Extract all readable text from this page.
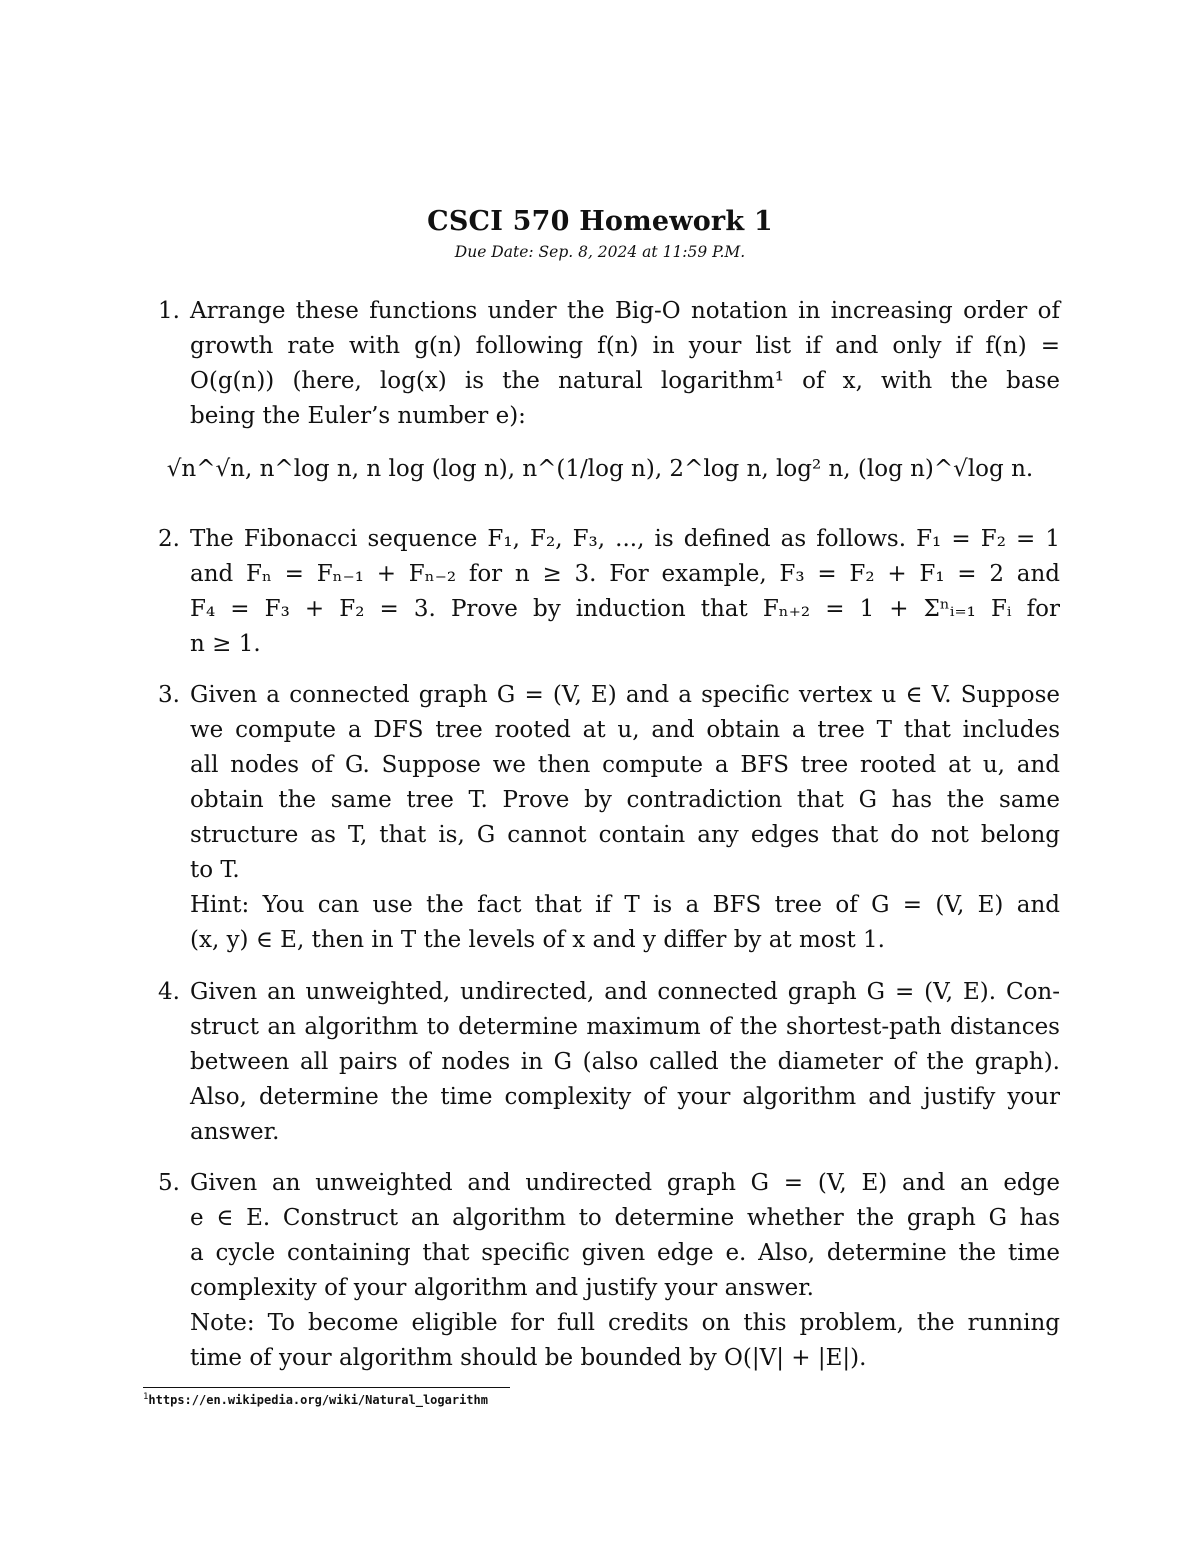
CSCI 570 Homework 1
Due Date: Sep. 8, 2024 at 11:59 P.M.
1. Arrange these functions under the Big-O notation in increasing order of
growth rate with g(n) following f(n) in your list if and only if f(n) =
O(g(n)) (here, log(x) is the natural logarithm¹ of x, with the base
being the Euler’s number e):
√n^√n, n^log n, n log (log n), n^(1/log n), 2^log n, log² n, (log n)^√log n.
2. The Fibonacci sequence F₁, F₂, F₃, ..., is defined as follows. F₁ = F₂ = 1
and Fₙ = Fₙ₋₁ + Fₙ₋₂ for n ≥ 3. For example, F₃ = F₂ + F₁ = 2 and
F₄ = F₃ + F₂ = 3. Prove by induction that Fₙ₊₂ = 1 + Σⁿᵢ₌₁ Fᵢ for
n ≥ 1.
3. Given a connected graph G = (V, E) and a specific vertex u ∈ V. Suppose
we compute a DFS tree rooted at u, and obtain a tree T that includes
all nodes of G. Suppose we then compute a BFS tree rooted at u, and
obtain the same tree T. Prove by contradiction that G has the same
structure as T, that is, G cannot contain any edges that do not belong
to T.
Hint: You can use the fact that if T is a BFS tree of G = (V, E) and
(x, y) ∈ E, then in T the levels of x and y differ by at most 1.
4. Given an unweighted, undirected, and connected graph G = (V, E). Con-
struct an algorithm to determine maximum of the shortest-path distances
between all pairs of nodes in G (also called the diameter of the graph).
Also, determine the time complexity of your algorithm and justify your
answer.
5. Given an unweighted and undirected graph G = (V, E) and an edge
e ∈ E. Construct an algorithm to determine whether the graph G has
a cycle containing that specific given edge e. Also, determine the time
complexity of your algorithm and justify your answer.
Note: To become eligible for full credits on this problem, the running
time of your algorithm should be bounded by O(|V| + |E|).
$^1$https://en.wikipedia.org/wiki/Natural_logarithm
